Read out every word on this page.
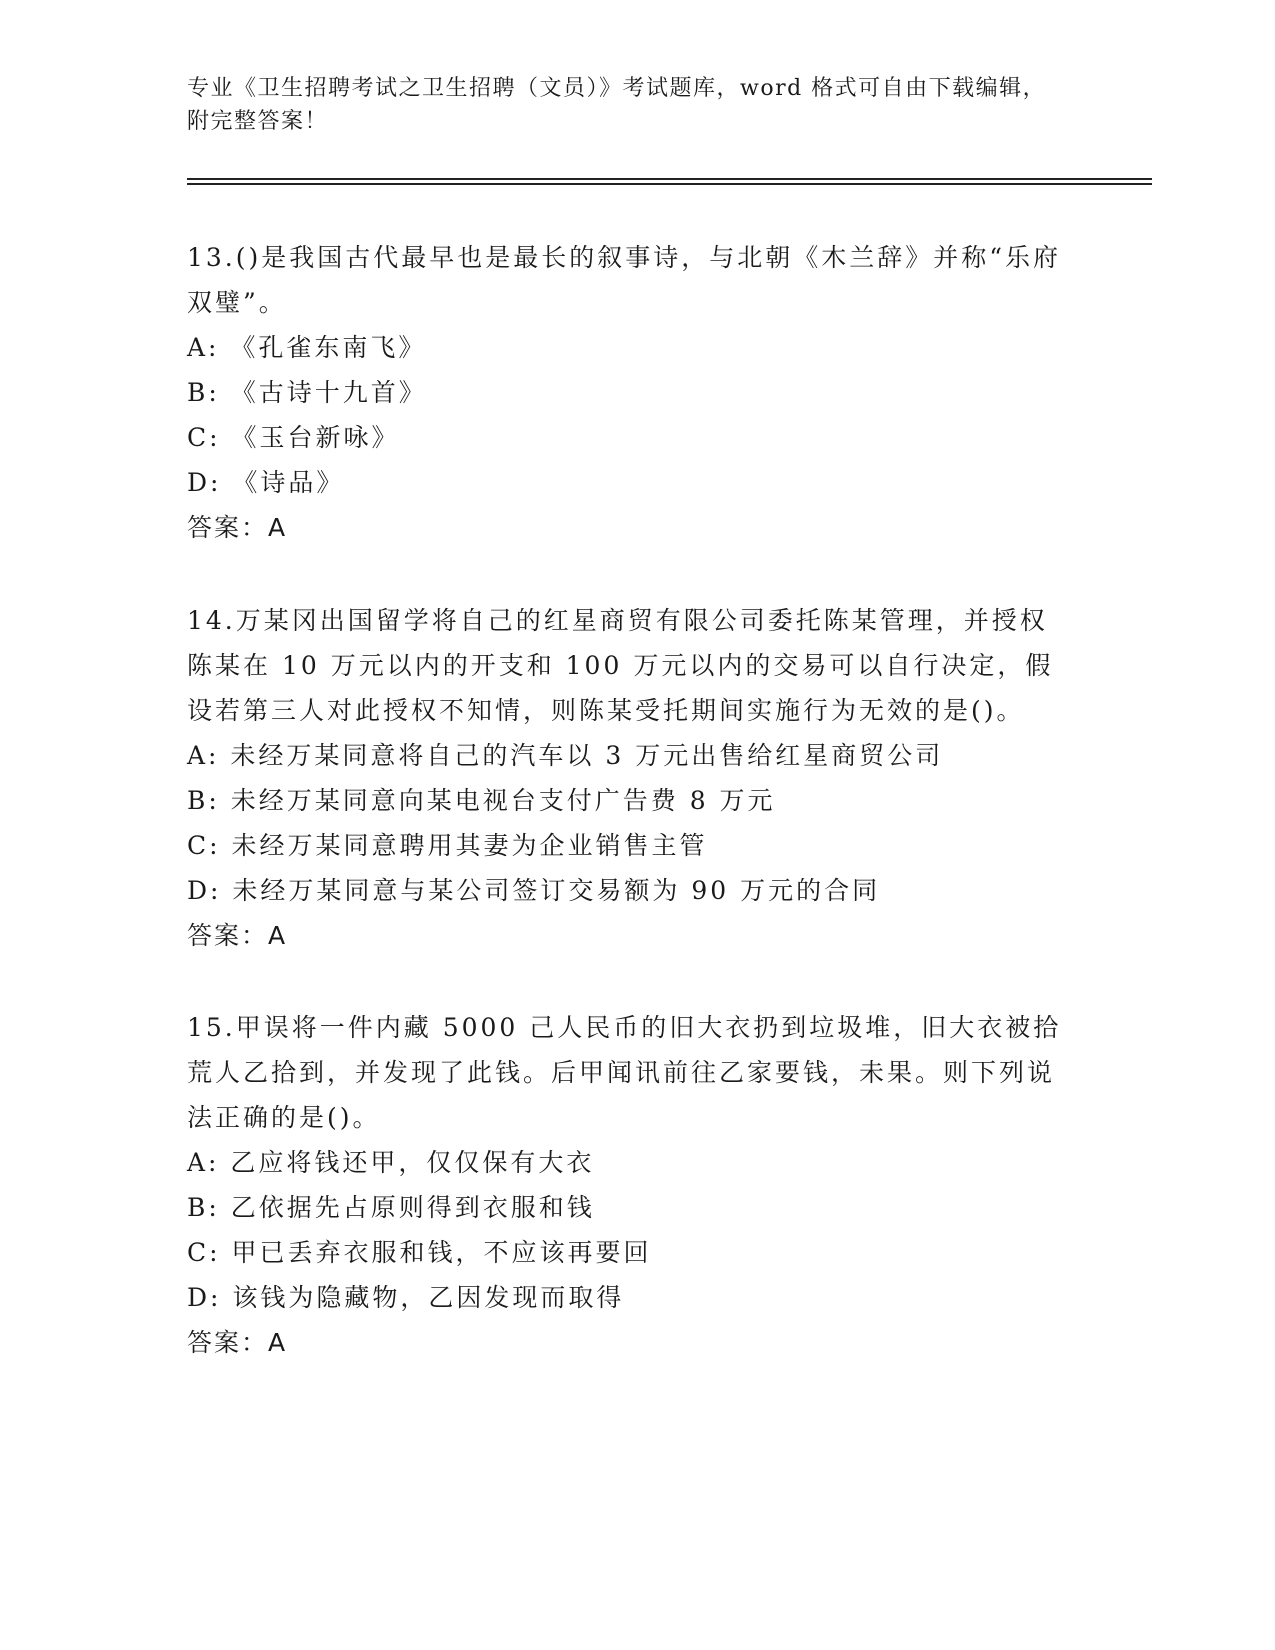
专业《卫生招聘考试之卫生招聘（文员）》考试题库，word 格式可自由下载编辑，附完整答案！

13.()是我国古代最早也是最长的叙事诗，与北朝《木兰辞》并称“乐府双璧”。

A: 《孔雀东南飞》

B: 《古诗十九首》

C: 《玉台新咏》

D: 《诗品》

答案：A

14.万某冈出国留学将自己的红星商贸有限公司委托陈某管理，并授权陈某在 10 万元以内的开支和 100 万元以内的交易可以自行决定，假设若第三人对此授权不知情，则陈某受托期间实施行为无效的是()。

A: 未经万某同意将自己的汽车以 3 万元出售给红星商贸公司

B: 未经万某同意向某电视台支付广告费 8 万元

C: 未经万某同意聘用其妻为企业销售主管

D: 未经万某同意与某公司签订交易额为 90 万元的合同

答案：A

15.甲误将一件内藏 5000 己人民币的旧大衣扔到垃圾堆，旧大衣被拾荒人乙拾到，并发现了此钱。后甲闻讯前往乙家要钱，未果。则下列说法正确的是()。

A: 乙应将钱还甲，仅仅保有大衣

B: 乙依据先占原则得到衣服和钱

C: 甲已丢弃衣服和钱，不应该再要回

D: 该钱为隐藏物，乙因发现而取得

答案：A
